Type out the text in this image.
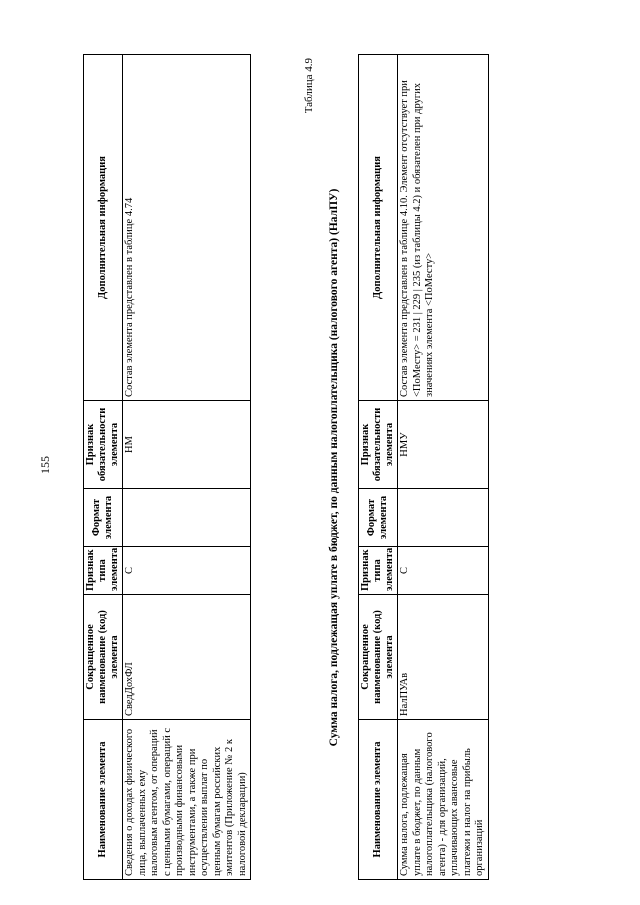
155
Наименование элемента	Сокращенное наименование (код) элемента	Признак типа элемента	Формат элемента	Признак обязательности элемента	Дополнительная информация
Сведения о доходах физического лица, выплаченных ему налоговым агентом, от операций с ценными бумагами, операций с производными финансовыми инструментами, а также при осуществлении выплат по ценным бумагам российских эмитентов (Приложение № 2 к налоговой декларации)	СведДохФЛ	С		НМ	Состав элемента представлен в таблице 4.74
Таблица 4.9
Сумма налога, подлежащая уплате в бюджет, по данным налогоплательщика (налогового агента) (НалПУ)
Наименование элемента	Сокращенное наименование (код) элемента	Признак типа элемента	Формат элемента	Признак обязательности элемента	Дополнительная информация
Сумма налога, подлежащая уплате в бюджет, по данным налогоплательщика (налогового агента) - для организаций, уплачивающих авансовые платежи и налог на прибыль организаций	НалПУАв	С		НМУ	Состав элемента представлен в таблице 4.10. Элемент отсутствует при <ПоМесту> = 231 | 229 | 235 (из таблицы 4.2) и обязателен при других значениях элемента <ПоМесту>
